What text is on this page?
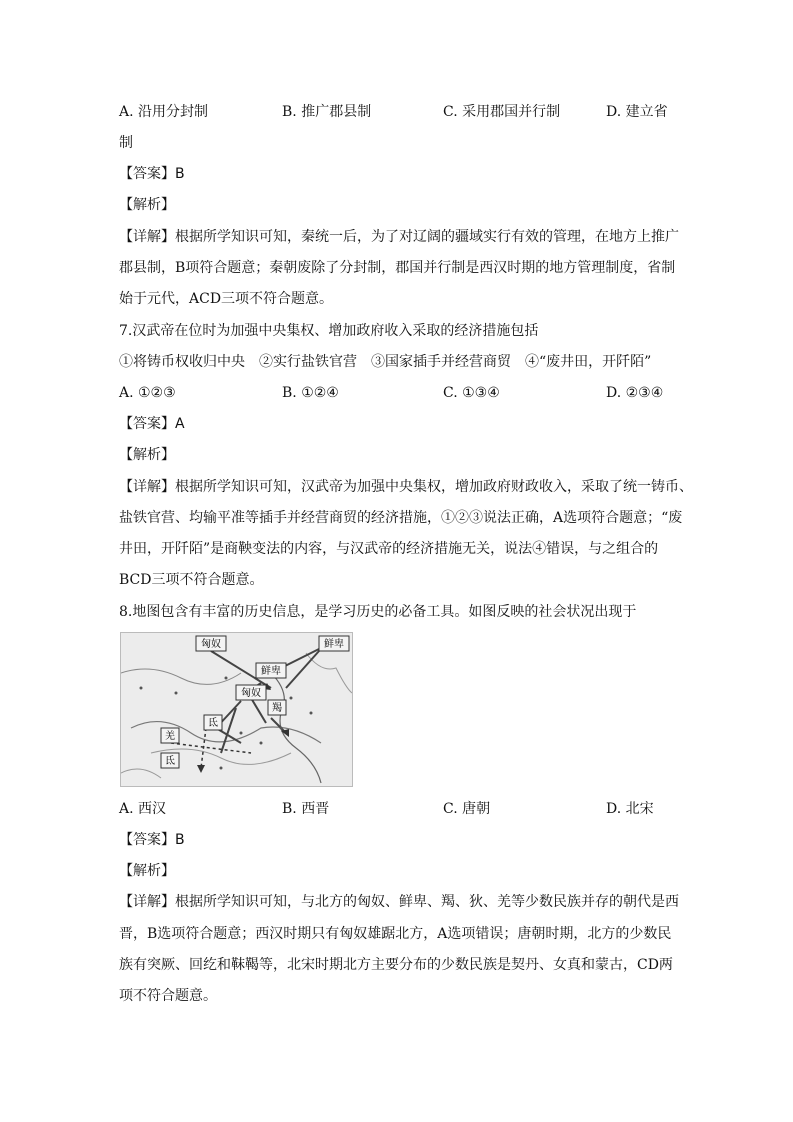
A. 沿用分封制	B. 推广郡县制	C. 采用郡国并行制	D. 建立省
制
【答案】B
【解析】
【详解】根据所学知识可知，秦统一后，为了对辽阔的疆域实行有效的管理，在地方上推广
郡县制，B项符合题意；秦朝废除了分封制，郡国并行制是西汉时期的地方管理制度，省制
始于元代，ACD三项不符合题意。
7.汉武帝在位时为加强中央集权、增加政府收入采取的经济措施包括
①将铸币权收归中央　②实行盐铁官营　③国家插手并经营商贸　④“废井田，开阡陌”
A. ①②③	B. ①②④	C. ①③④	D. ②③④
【答案】A
【解析】
【详解】根据所学知识可知，汉武帝为加强中央集权，增加政府财政收入，采取了统一铸币、
盐铁官营、均输平准等插手并经营商贸的经济措施，①②③说法正确，A选项符合题意；“废
井田，开阡陌”是商鞅变法的内容，与汉武帝的经济措施无关，说法④错误，与之组合的
BCD三项不符合题意。
8.地图包含有丰富的历史信息，是学习历史的必备工具。如图反映的社会状况出现于
匈奴	鲜卑
鲜卑
匈奴
羯
氐
羌
氐
A. 西汉	B. 西晋	C. 唐朝	D. 北宋
【答案】B
【解析】
【详解】根据所学知识可知，与北方的匈奴、鲜卑、羯、狄、羌等少数民族并存的朝代是西
晋，B选项符合题意；西汉时期只有匈奴雄踞北方，A选项错误；唐朝时期，北方的少数民
族有突厥、回纥和靺鞨等，北宋时期北方主要分布的少数民族是契丹、女真和蒙古，CD两
项不符合题意。
